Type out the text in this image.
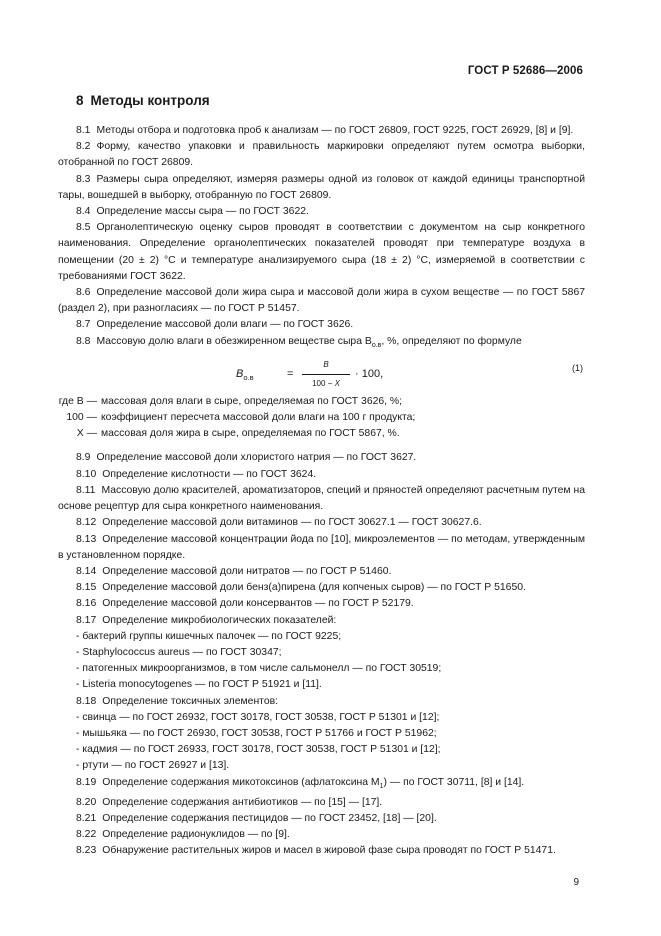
ГОСТ Р 52686—2006
8 Методы контроля

8.1 Методы отбора и подготовка проб к анализам — по ГОСТ 26809, ГОСТ 9225, ГОСТ 26929, [8] и [9].

8.2 Форму, качество упаковки и правильность маркировки определяют путем осмотра выборки, отобранной по ГОСТ 26809.

8.3 Размеры сыра определяют, измеряя размеры одной из головок от каждой единицы транспортной тары, вошедшей в выборку, отобранную по ГОСТ 26809.

8.4 Определение массы сыра — по ГОСТ 3622.

8.5 Органолептическую оценку сыров проводят в соответствии с документом на сыр конкретного наименования. Определение органолептических показателей проводят при температуре воздуха в помещении (20 ± 2) °С и температуре анализируемого сыра (18 ± 2) °С, измеряемой в соответствии с требованиями ГОСТ 3622.

8.6 Определение массовой доли жира сыра и массовой доли жира в сухом веществе — по ГОСТ 5867 (раздел 2), при разногласиях — по ГОСТ Р 51457.

8.7 Определение массовой доли влаги — по ГОСТ 3626.

8.8 Массовую долю влаги в обезжиренном веществе сыра $B_{о.в}$, %, определяют по формуле

$B_{о.в}$	= $\frac{B}{100 - X} \cdot 100$,	(1)
где B — массовая доля влаги в сыре, определяемая по ГОСТ 3626, %;
100 — коэффициент пересчета массовой доли влаги на 100 г продукта;
X — массовая доля жира в сыре, определяемая по ГОСТ 5867, %.

8.9 Определение массовой доли хлористого натрия — по ГОСТ 3627.

8.10 Определение кислотности — по ГОСТ 3624.

8.11 Массовую долю красителей, ароматизаторов, специй и пряностей определяют расчетным путем на основе рецептур для сыра конкретного наименования.

8.12 Определение массовой доли витаминов — по ГОСТ 30627.1 — ГОСТ 30627.6.

8.13 Определение массовой концентрации йода по [10], микроэлементов — по методам, утвержденным в установленном порядке.

8.14 Определение массовой доли нитратов — по ГОСТ Р 51460.

8.15 Определение массовой доли бенз(а)пирена (для копченых сыров) — по ГОСТ Р 51650.

8.16 Определение массовой доли консервантов — по ГОСТ Р 52179.

8.17 Определение микробиологических показателей:

- бактерий группы кишечных палочек — по ГОСТ 9225;

- Staphylococcus aureus — по ГОСТ 30347;

- патогенных микроорганизмов, в том числе сальмонелл — по ГОСТ 30519;

- Listeria monocytogenes — по ГОСТ Р 51921 и [11].

8.18 Определение токсичных элементов:

- свинца — по ГОСТ 26932, ГОСТ 30178, ГОСТ 30538, ГОСТ Р 51301 и [12];

- мышьяка — по ГОСТ 26930, ГОСТ 30538, ГОСТ Р 51766 и ГОСТ Р 51962;

- кадмия — по ГОСТ 26933, ГОСТ 30178, ГОСТ 30538, ГОСТ Р 51301 и [12];

- ртути — по ГОСТ 26927 и [13].

8.19 Определение содержания микотоксинов (афлатоксина $M_1$) — по ГОСТ 30711, [8] и [14].

8.20 Определение содержания антибиотиков — по [15] — [17].

8.21 Определение содержания пестицидов — по ГОСТ 23452, [18] — [20].

8.22 Определение радионуклидов — по [9].

8.23 Обнаружение растительных жиров и масел в жировой фазе сыра проводят по ГОСТ Р 51471.

9
